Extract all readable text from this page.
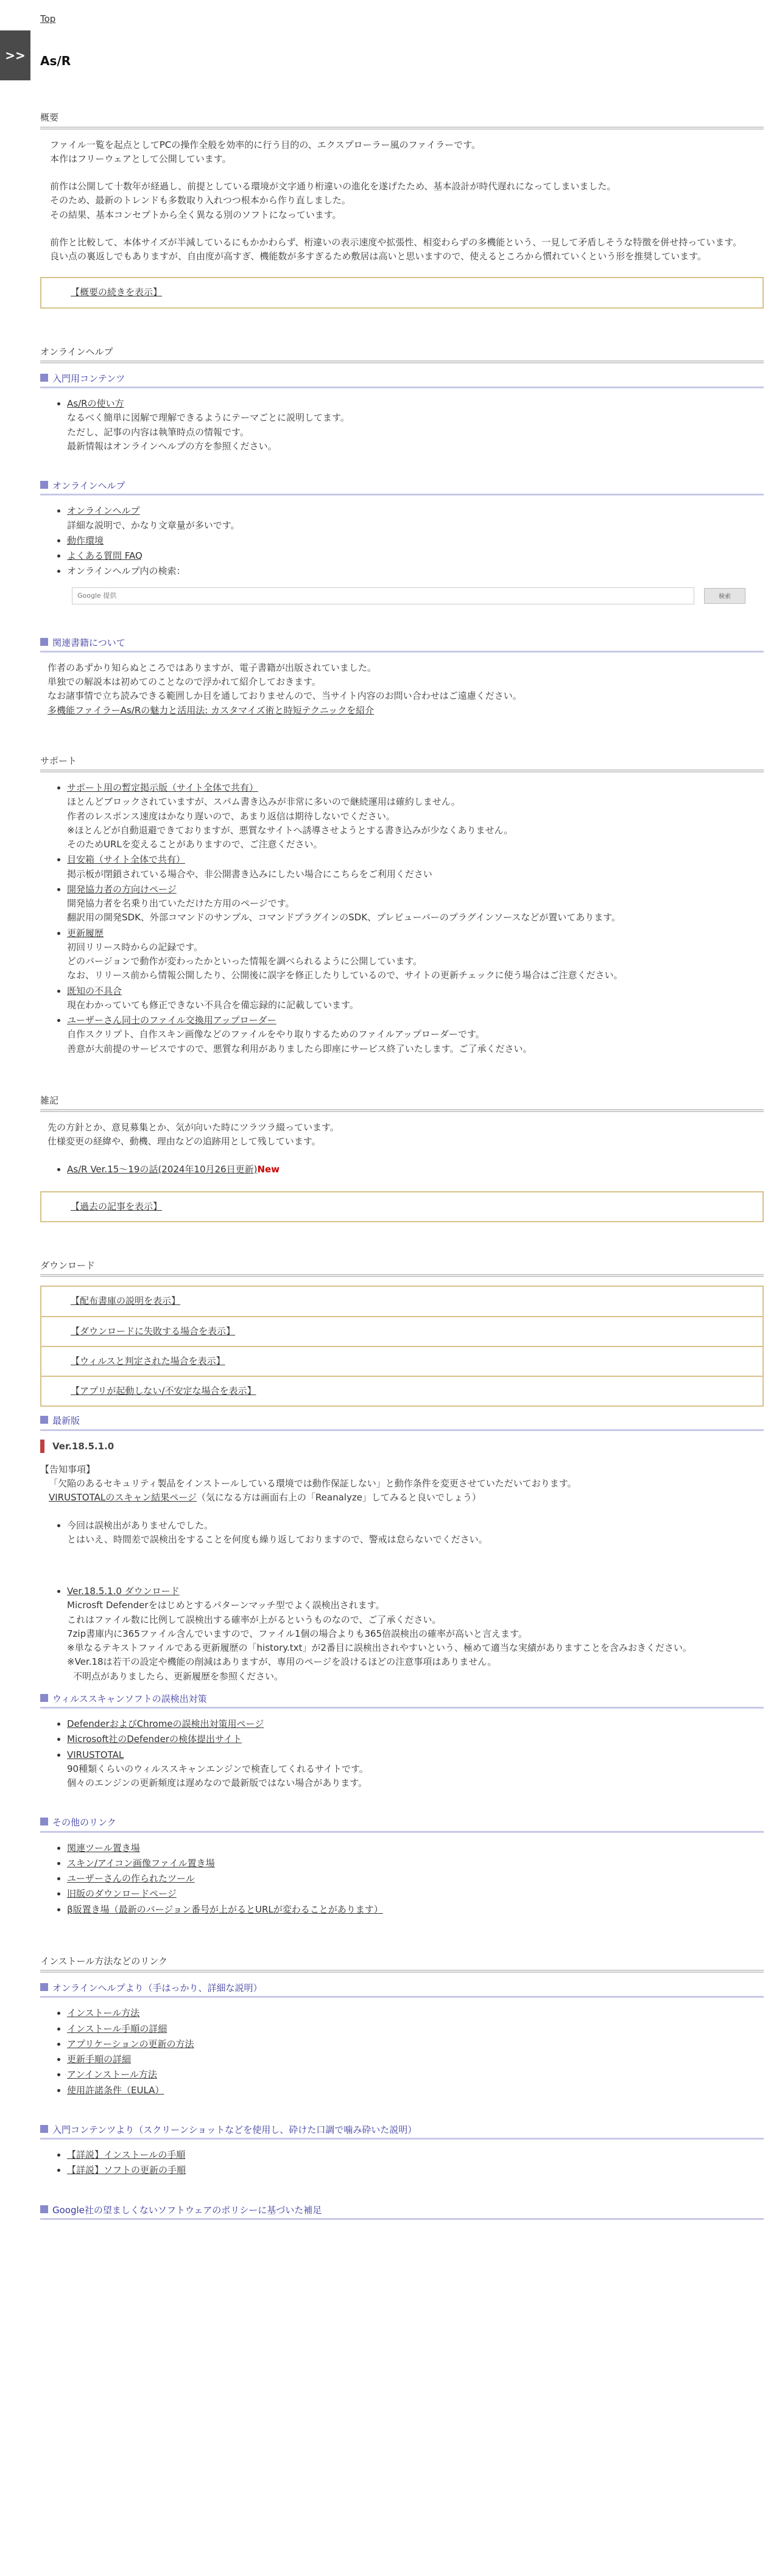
>>
Top
As/R
概要

ファイル一覧を起点としてPCの操作全般を効率的に行う目的の、エクスプローラー風のファイラーです。

本作はフリーウェアとして公開しています。

前作は公開して十数年が経過し、前提としている環境が文字通り桁違いの進化を遂げたため、基本設計が時代遅れになってしまいました。

そのため、最新のトレンドも多数取り入れつつ根本から作り直しました。

その結果、基本コンセプトから全く異なる別のソフトになっています。

前作と比較して、本体サイズが半減しているにもかかわらず、桁違いの表示速度や拡張性、相変わらずの多機能という、一見して矛盾しそうな特徴を併せ持っています。

良い点の裏返しでもありますが、自由度が高すぎ、機能数が多すぎるため敷居は高いと思いますので、使えるところから慣れていくという形を推奨しています。

【概要の続きを表示】
オンラインヘルプ
入門用コンテンツ
• As/Rの使い方

なるべく簡単に図解で理解できるようにテーマごとに説明してます。

ただし、記事の内容は執筆時点の情報です。

最新情報はオンラインヘルプの方を参照ください。

オンラインヘルプ
• オンラインヘルプ

詳細な説明で、かなり文章量が多いです。

• 動作環境
• よくある質問 FAQ
• オンラインヘルプ内の検索：
Google 提供
検索
関連書籍について

作者のあずかり知らぬところではありますが、電子書籍が出版されていました。

単独での解説本は初めてのことなので浮かれて紹介しておきます。

なお諸事情で立ち読みできる範囲しか目を通しておりませんので、当サイト内容のお問い合わせはご遠慮ください。

多機能ファイラーAs/Rの魅力と活用法: カスタマイズ術と時短テクニックを紹介
サポート
• サポート用の暫定掲示版（サイト全体で共有）

ほとんどブロックされていますが、スパム書き込みが非常に多いので継続運用は確約しません。

作者のレスポンス速度はかなり遅いので、あまり返信は期待しないでください。

※ほとんどが自動退避できておりますが、悪質なサイトへ誘導させようとする書き込みが少なくありません。

そのためURLを変えることがありますので、ご注意ください。

• 目安箱（サイト全体で共有）

掲示板が閉鎖されている場合や、非公開書き込みにしたい場合にこちらをご利用ください

• 開発協力者の方向けページ

開発協力者を名乗り出ていただけた方用のページです。

翻訳用の開発SDK、外部コマンドのサンプル、コマンドプラグインのSDK、プレビューバーのプラグインソースなどが置いてあります。

• 更新履歴

初回リリース時からの記録です。

どのバージョンで動作が変わったかといった情報を調べられるように公開しています。

なお、リリース前から情報公開したり、公開後に誤字を修正したりしているので、サイトの更新チェックに使う場合はご注意ください。

• 既知の不具合

現在わかっていても修正できない不具合を備忘録的に記載しています。

• ユーザーさん同士のファイル交換用アップローダー

自作スクリプト、自作スキン画像などのファイルをやり取りするためのファイルアップローダーです。

善意が大前提のサービスですので、悪質な利用がありましたら即座にサービス終了いたします。ご了承ください。

雑記

先の方針とか、意見募集とか、気が向いた時にツラツラ綴っています。

仕様変更の経緯や、動機、理由などの追跡用として残しています。

• As/R Ver.15～19の話(2024年10月26日更新)New
【過去の記事を表示】
ダウンロード
【配布書庫の説明を表示】
【ダウンロードに失敗する場合を表示】
【ウィルスと判定された場合を表示】
【アプリが起動しない/不安定な場合を表示】
最新版
Ver.18.5.1.0

【告知事項】

「欠陥のあるセキュリティ製品をインストールしている環境では動作保証しない」と動作条件を変更させていただいております。

VIRUSTOTALのスキャン結果ページ（気になる方は画面右上の「Reanalyze」してみると良いでしょう）

• 今回は誤検出がありませんでした。

とはいえ、時間差で誤検出をすることを何度も繰り返しておりますので、警戒は怠らないでください。

• Ver.18.5.1.0 ダウンロード

Microsft Defenderをはじめとするパターンマッチ型でよく誤検出されます。

これはファイル数に比例して誤検出する確率が上がるというものなので、ご了承ください。

7zip書庫内に365ファイル含んでいますので、ファイル1個の場合よりも365倍誤検出の確率が高いと言えます。

※単なるテキストファイルである更新履歴の「history.txt」が2番目に誤検出されやすいという、極めて適当な実績がありますことを含みおきください。

※Ver.18は若干の設定や機能の削減はありますが、専用のページを設けるほどの注意事項はありません。

不明点がありましたら、更新履歴を参照ください。

ウィルススキャンソフトの誤検出対策
• DefenderおよびChromeの誤検出対策用ページ
• Microsoft社のDefenderの検体提出サイト
• VIRUSTOTAL

90種類くらいのウィルススキャンエンジンで検査してくれるサイトです。

個々のエンジンの更新頻度は遅めなので最新版ではない場合があります。

その他のリンク
• 関連ツール置き場
• スキン/アイコン画像ファイル置き場
• ユーザーさんの作られたツール
• 旧版のダウンロードページ
• β版置き場（最新のバージョン番号が上がるとURLが変わることがあります）
インストール方法などのリンク
オンラインヘルプより（手はっかり、詳細な説明）
• インストール方法
• インストール手順の詳細
• アプリケーションの更新の方法
• 更新手順の詳細
• アンインストール方法
• 使用許諾条件（EULA）
入門コンテンツより（スクリーンショットなどを使用し、砕けた口調で噛み砕いた説明）
• 【詳説】インストールの手順
• 【詳説】ソフトの更新の手順
Google社の望ましくないソフトウェアのポリシーに基づいた補足
